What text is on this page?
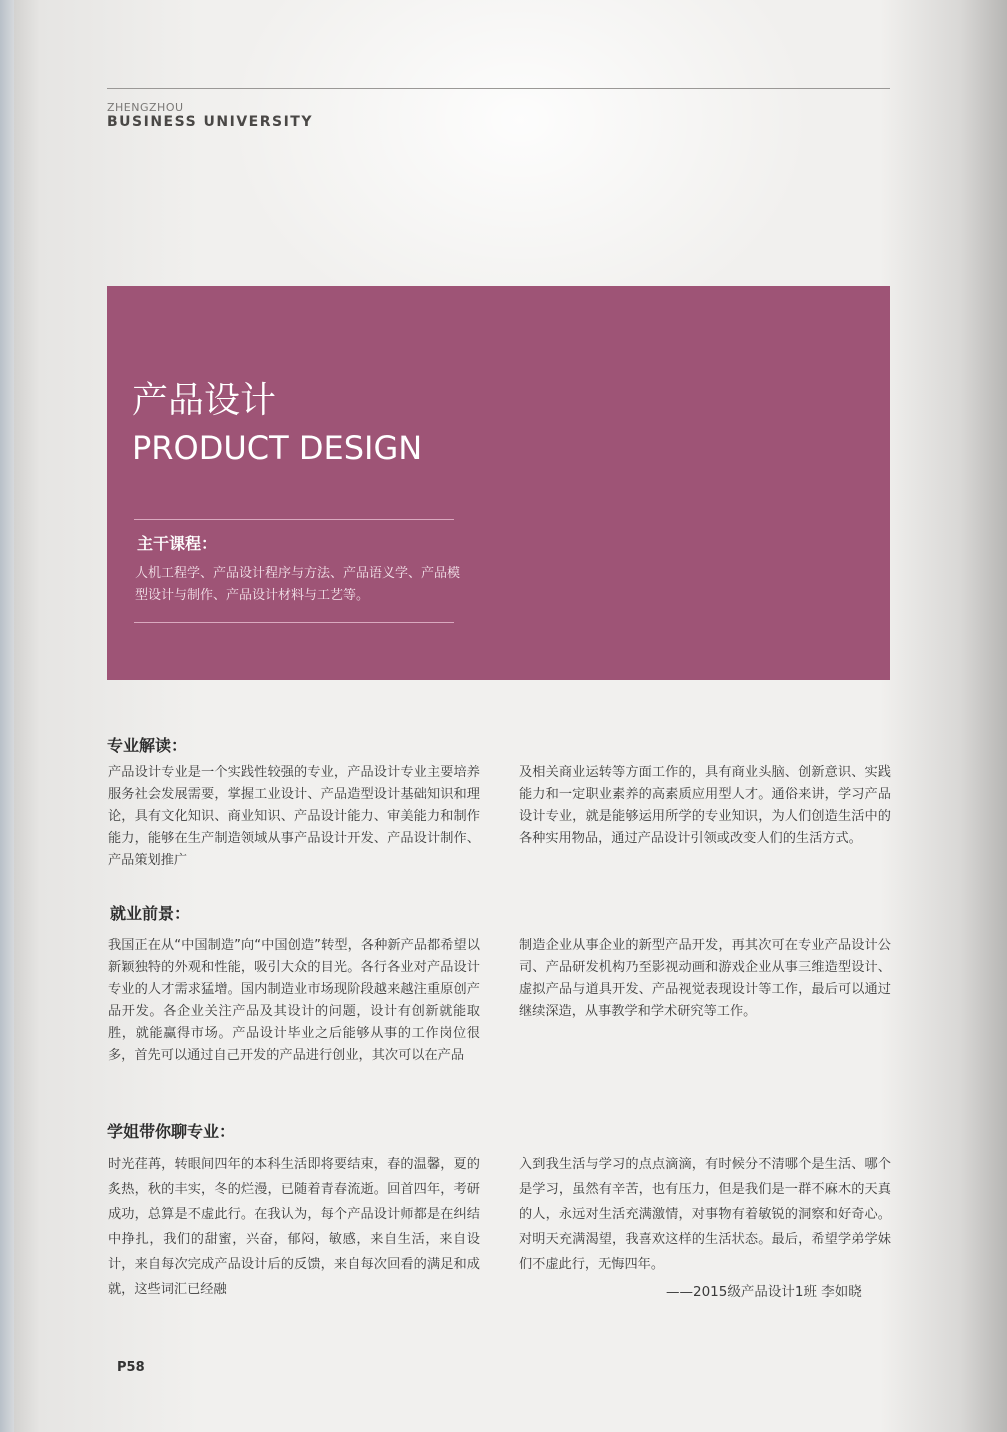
ZHENGZHOU
BUSINESS UNIVERSITY
产品设计
PRODUCT DESIGN
主干课程：
人机工程学、产品设计程序与方法、产品语义学、产品模型设计与制作、产品设计材料与工艺等。
专业解读：
产品设计专业是一个实践性较强的专业，产品设计专业主要培养服务社会发展需要，掌握工业设计、产品造型设计基础知识和理论，具有文化知识、商业知识、产品设计能力、审美能力和制作能力，能够在生产制造领域从事产品设计开发、产品设计制作、产品策划推广
及相关商业运转等方面工作的，具有商业头脑、创新意识、实践能力和一定职业素养的高素质应用型人才。通俗来讲，学习产品设计专业，就是能够运用所学的专业知识，为人们创造生活中的各种实用物品，通过产品设计引领或改变人们的生活方式。
就业前景：
我国正在从“中国制造”向“中国创造”转型，各种新产品都希望以新颖独特的外观和性能，吸引大众的目光。各行各业对产品设计专业的人才需求猛增。国内制造业市场现阶段越来越注重原创产品开发。各企业关注产品及其设计的问题，设计有创新就能取胜，就能赢得市场。产品设计毕业之后能够从事的工作岗位很多，首先可以通过自己开发的产品进行创业，其次可以在产品
制造企业从事企业的新型产品开发，再其次可在专业产品设计公司、产品研发机构乃至影视动画和游戏企业从事三维造型设计、虚拟产品与道具开发、产品视觉表现设计等工作，最后可以通过继续深造，从事教学和学术研究等工作。
学姐带你聊专业：
时光荏苒，转眼间四年的本科生活即将要结束，春的温馨，夏的炙热，秋的丰实，冬的烂漫，已随着青春流逝。回首四年，考研成功，总算是不虚此行。在我认为，每个产品设计师都是在纠结中挣扎，我们的甜蜜，兴奋，郁闷，敏感，来自生活，来自设计，来自每次完成产品设计后的反馈，来自每次回看的满足和成就，这些词汇已经融
入到我生活与学习的点点滴滴，有时候分不清哪个是生活、哪个是学习，虽然有辛苦，也有压力，但是我们是一群不麻木的天真的人，永远对生活充满激情，对事物有着敏锐的洞察和好奇心。对明天充满渴望，我喜欢这样的生活状态。最后，希望学弟学妹们不虚此行，无悔四年。
——2015级产品设计1班 李如晓
P58
